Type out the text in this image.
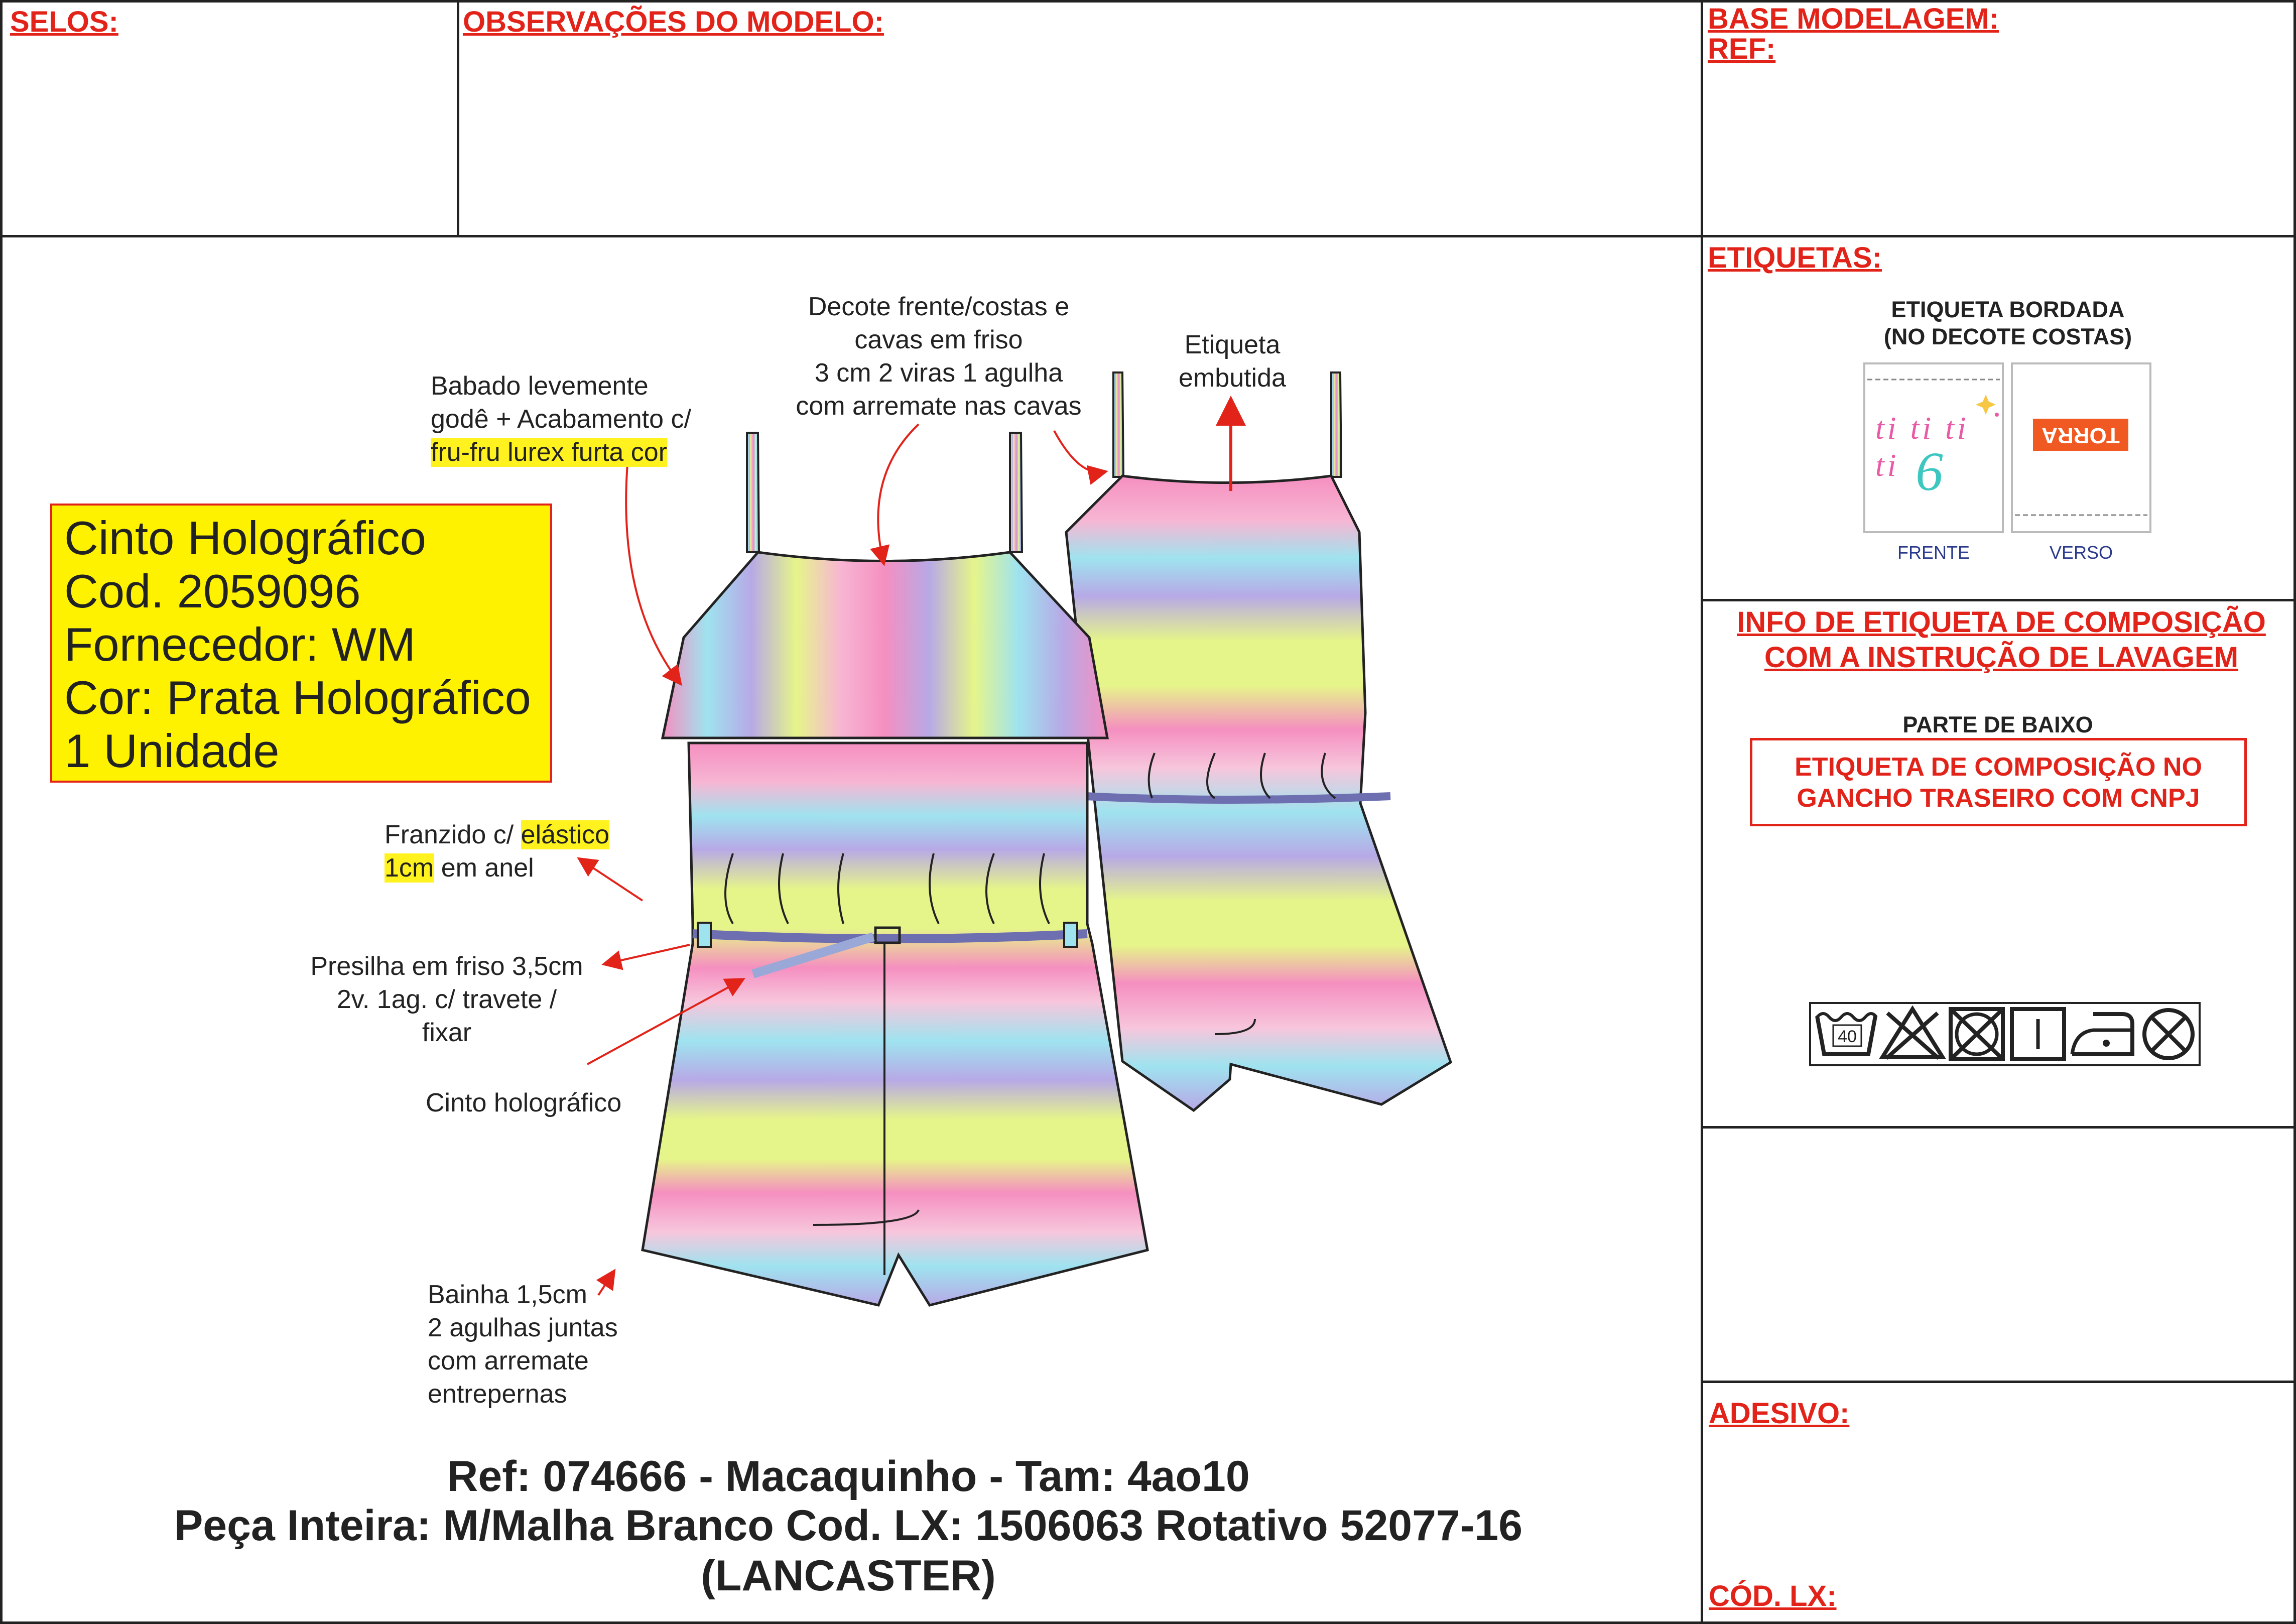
SELOS:	OBSERVAÇÕES DO MODELO:	BASE MODELAGEM:
REF:
ETIQUETAS:
ETIQUETA BORDADA
(NO DECOTE COSTAS)
ti ti ti ti 6
TORRA
FRENTE	VERSO
INFO DE ETIQUETA DE COMPOSIÇÃO
COM A INSTRUÇÃO DE LAVAGEM
PARTE DE BAIXO
ETIQUETA DE COMPOSIÇÃO NO
GANCHO TRASEIRO COM CNPJ
40
ADESIVO:
CÓD. LX:
Cinto Holográfico
Cod. 2059096
Fornecedor: WM
Cor: Prata Holográfico
1 Unidade
Babado levemente
godê + Acabamento c/
fru-fru lurex furta cor
Decote frente/costas e
cavas em friso
3 cm 2 viras 1 agulha
com arremate nas cavas
Etiqueta
embutida
Franzido c/ elástico
1cm em anel
Presilha em friso 3,5cm
2v. 1ag. c/ travete /
fixar
Cinto holográfico
Bainha 1,5cm
2 agulhas juntas
com arremate
entrepernas
Ref: 074666 - Macaquinho - Tam: 4ao10
Peça Inteira: M/Malha Branco Cod. LX: 1506063 Rotativo 52077-16
(LANCASTER)
